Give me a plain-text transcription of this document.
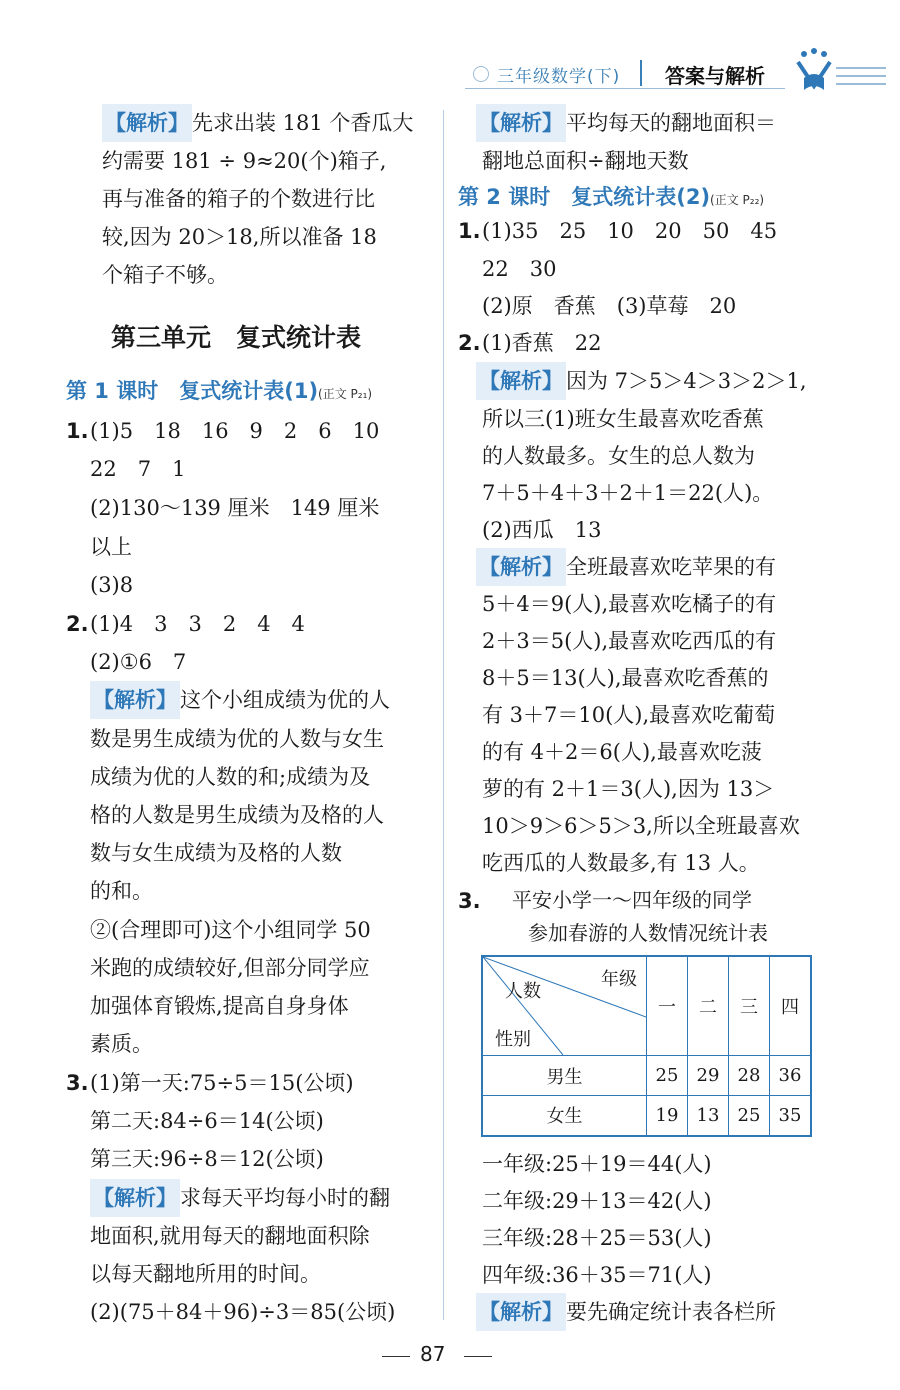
三年级数学(下) 答案与解析
【解析】 先求出装 181 个香瓜大
约需要 181 ÷ 9≈20(个)箱子,
再与准备的箱子的个数进行比
较,因为 20＞18,所以准备 18
个箱子不够。
第三单元　复式统计表
第 1 课时　复式统计表(1)(正文 P₂₁)
1. (1)5　18　16　9　2　6　10
22　7　1
(2)130～139 厘米　149 厘米
以上
(3)8
2. (1)4　3　3　2　4　4
(2)①6　7
【解析】 这个小组成绩为优的人
数是男生成绩为优的人数与女生
成绩为优的人数的和;成绩为及
格的人数是男生成绩为及格的人
数与女生成绩为及格的人数
的和。
②(合理即可)这个小组同学 50
米跑的成绩较好,但部分同学应
加强体育锻炼,提高自身身体
素质。
3. (1)第一天:75÷5＝15(公顷)
第二天:84÷6＝14(公顷)
第三天:96÷8＝12(公顷)
【解析】 求每天平均每小时的翻
地面积,就用每天的翻地面积除
以每天翻地所用的时间。
(2)(75＋84＋96)÷3＝85(公顷)
【解析】 平均每天的翻地面积＝
翻地总面积÷翻地天数
第 2 课时　复式统计表(2)(正文 P₂₂)
1. (1)35　25　10　20　50　45
22　30
(2)原　香蕉　(3)草莓　20
2. (1)香蕉　22
【解析】 因为 7＞5＞4＞3＞2＞1,
所以三(1)班女生最喜欢吃香蕉
的人数最多。女生的总人数为
7＋5＋4＋3＋2＋1＝22(人)。
(2)西瓜　13
【解析】 全班最喜欢吃苹果的有
5＋4＝9(人),最喜欢吃橘子的有
2＋3＝5(人),最喜欢吃西瓜的有
8＋5＝13(人),最喜欢吃香蕉的
有 3＋7＝10(人),最喜欢吃葡萄
的有 4＋2＝6(人),最喜欢吃菠
萝的有 2＋1＝3(人),因为 13＞
10＞9＞6＞5＞3,所以全班最喜欢
吃西瓜的人数最多,有 13 人。
3. 平安小学一～四年级的同学
参加春游的人数情况统计表
年级
人数
性别	一	二	三	四
男生	25	29	28	36
女生	19	13	25	35
一年级:25＋19＝44(人)
二年级:29＋13＝42(人)
三年级:28＋25＝53(人)
四年级:36＋35＝71(人)
【解析】 要先确定统计表各栏所
87
